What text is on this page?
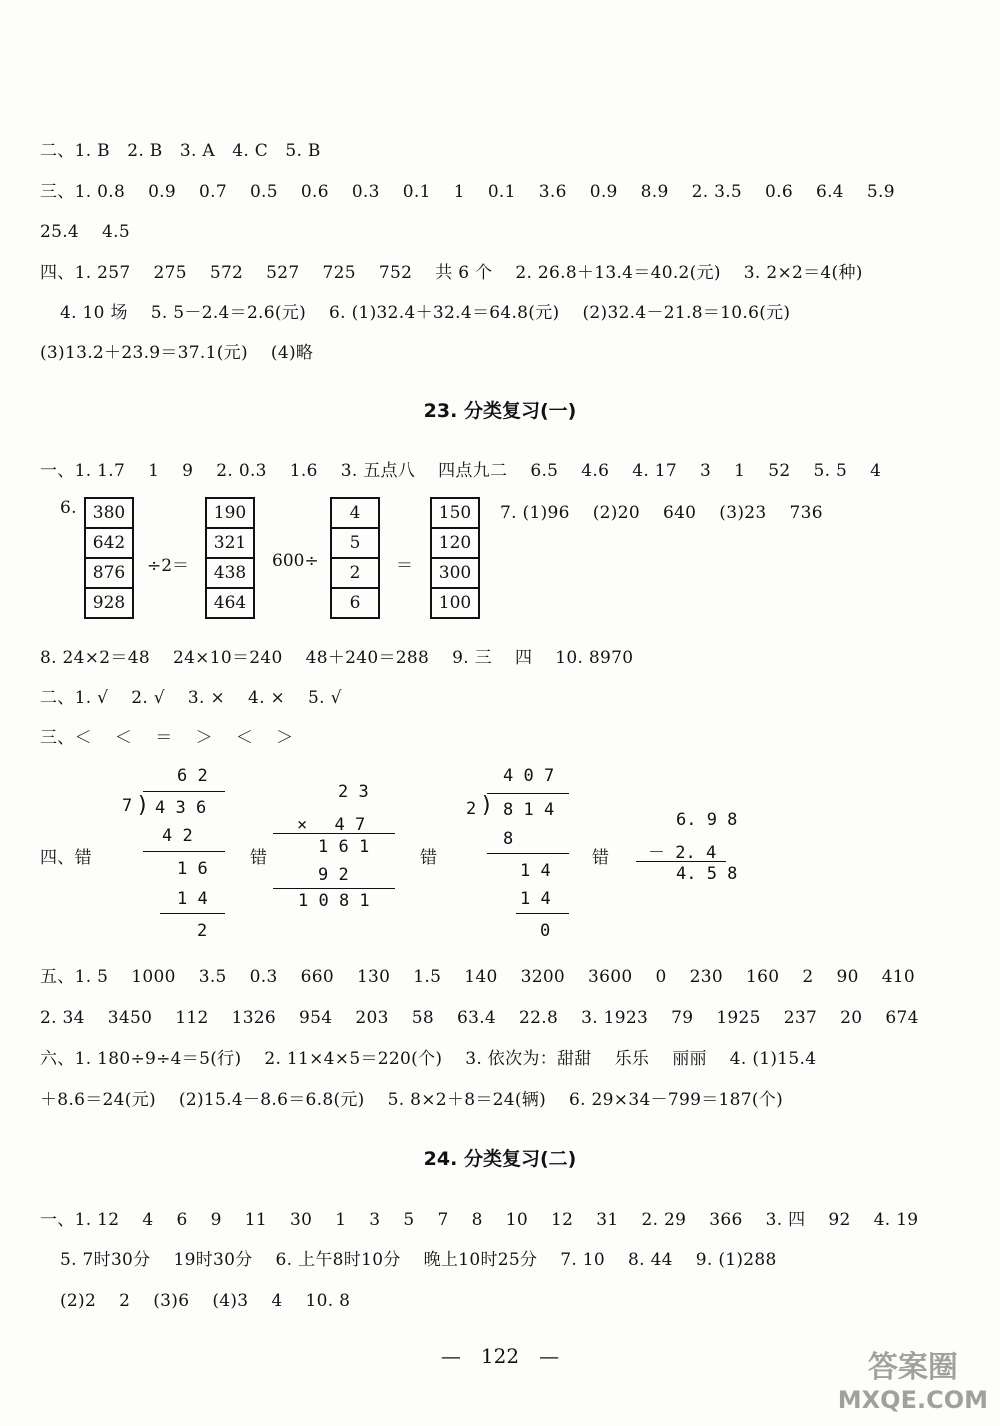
二、1. B　2. B　3. A　4. C　5. B
三、1. 0.8　 0.9　 0.7　 0.5　 0.6　 0.3　 0.1　 1　 0.1　 3.6　 0.9　 8.9　 2. 3.5　 0.6　 6.4　 5.9
25.4　 4.5
四、1. 257　 275　 572　 527　 725　 752　 共 6 个　 2. 26.8＋13.4＝40.2(元)　 3. 2×2＝4(种)
4. 10 场　 5. 5－2.4＝2.6(元)　 6. (1)32.4＋32.4＝64.8(元)　 (2)32.4－21.8＝10.6(元)
(3)13.2＋23.9＝37.1(元)　 (4)略
23. 分类复习(一)
一、1. 1.7　 1　 9　 2. 0.3　 1.6　 3. 五点八　 四点九二　 6.5　 4.6　 4. 17　 3　 1　 52　 5. 5　 4
6. 380
642
876
928
÷2＝
190
321
438
464
600÷
4
5
2
6
＝
150
120
300
100
7. (1)96　 (2)20　 640　 (3)23　 736
8. 24×2＝48　 24×10＝240　 48＋240＝288　 9. 三　 四　 10. 8970
二、1. √　 2. √　 3. ×　 4. ×　 5. √
三、＜　 ＜　 ＝　 ＞　 ＜　 ＞
四、错
6 2
7 ) 4 3 6
4 2
1 6
1 4
2
错
2 3
×　 4 7
1 6 1
9 2
1 0 8 1
错
4 0 7
2 ) 8 1 4
8
1 4
1 4
0
错
6. 9 8
－ 2. 4
4. 5 8
五、1. 5　 1000　 3.5　 0.3　 660　 130　 1.5　 140　 3200　 3600　 0　 230　 160　 2　 90　 410
2. 34　 3450　 112　 1326　 954　 203　 58　 63.4　 22.8　 3. 1923　 79　 1925　 237　 20　 674
六、1. 180÷9÷4＝5(行)　 2. 11×4×5＝220(个)　 3. 依次为：甜甜　 乐乐　 丽丽　 4. (1)15.4
＋8.6＝24(元)　 (2)15.4－8.6＝6.8(元)　 5. 8×2＋8＝24(辆)　 6. 29×34－799＝187(个)
24. 分类复习(二)
一、1. 12　 4　 6　 9　 11　 30　 1　 3　 5　 7　 8　 10　 12　 31　 2. 29　 366　 3. 四　 92　 4. 19
5. 7时30分　 19时30分　 6. 上午8时10分　 晚上10时25分　 7. 10　 8. 44　 9. (1)288
(2)2　 2　 (3)6　 (4)3　 4　 10. 8
—　122　—	答案圈
MXQE.COM
